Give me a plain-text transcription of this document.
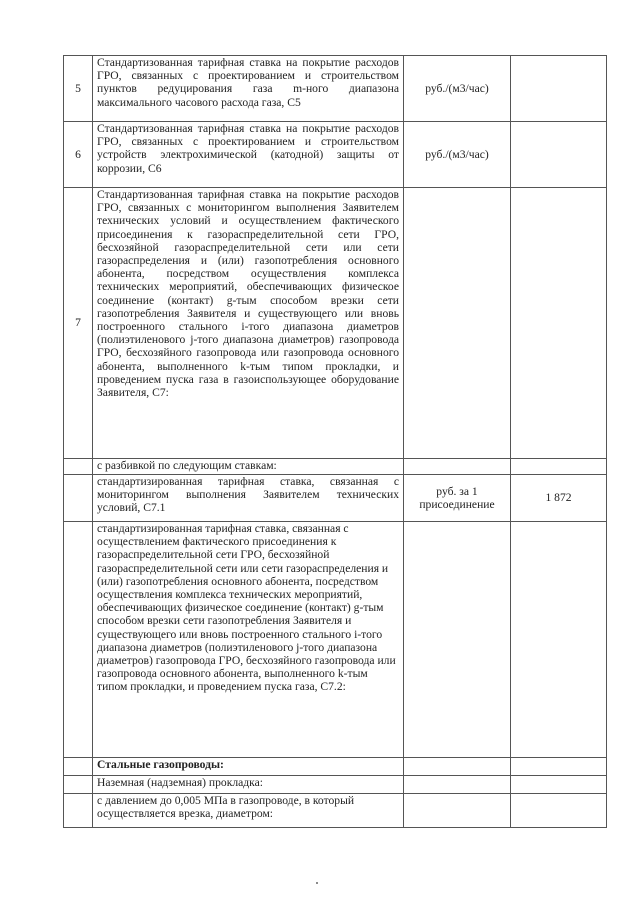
5	Стандартизованная тарифная ставка на покрытие расходов ГРО, связанных с проектированием и строительством пунктов редуцирования газа m-ного диапазона максимального часового расхода газа, С5	руб./(м3/час)	
6	Стандартизованная тарифная ставка на покрытие расходов ГРО, связанных с проектированием и строительством устройств электрохимической (катодной) защиты от коррозии, С6	руб./(м3/час)	
7	Стандартизованная тарифная ставка на покрытие расходов ГРО, связанных с мониторингом выполнения Заявителем технических условий и осуществлением фактического присоединения к газораспределительной сети ГРО, бесхозяйной газораспределительной сети или сети газораспределения и (или) газопотребления основного абонента, посредством осуществления комплекса технических мероприятий, обеспечивающих физическое соединение (контакт) g-тым способом врезки сети газопотребления Заявителя и существующего или вновь построенного стального i-того диапазона диаметров (полиэтиленового j-того диапазона диаметров) газопровода ГРО, бесхозяйного газопровода или газопровода основного абонента, выполненного k-тым типом прокладки, и проведением пуска газа в газоиспользующее оборудование Заявителя, С7:		
	с разбивкой по следующим ставкам:		
	стандартизированная тарифная ставка, связанная с мониторингом выполнения Заявителем технических условий, С7.1	руб. за 1 присоединение	1 872
	стандартизированная тарифная ставка, связанная с осуществлением фактического присоединения к газораспределительной сети ГРО, бесхозяйной газораспределительной сети или сети газораспределения и (или) газопотребления основного абонента, посредством осуществления комплекса технических мероприятий, обеспечивающих физическое соединение (контакт) g-тым способом врезки сети газопотребления Заявителя и существующего или вновь построенного стального i-того диапазона диаметров (полиэтиленового j-того диапазона диаметров) газопровода ГРО, бесхозяйного газопровода или газопровода основного абонента, выполненного k-тым типом прокладки, и проведением пуска газа, С7.2:		
	Стальные газопроводы:		
	Наземная (надземная) прокладка:		
	с давлением до 0,005 МПа в газопроводе, в который осуществляется врезка, диаметром:		
